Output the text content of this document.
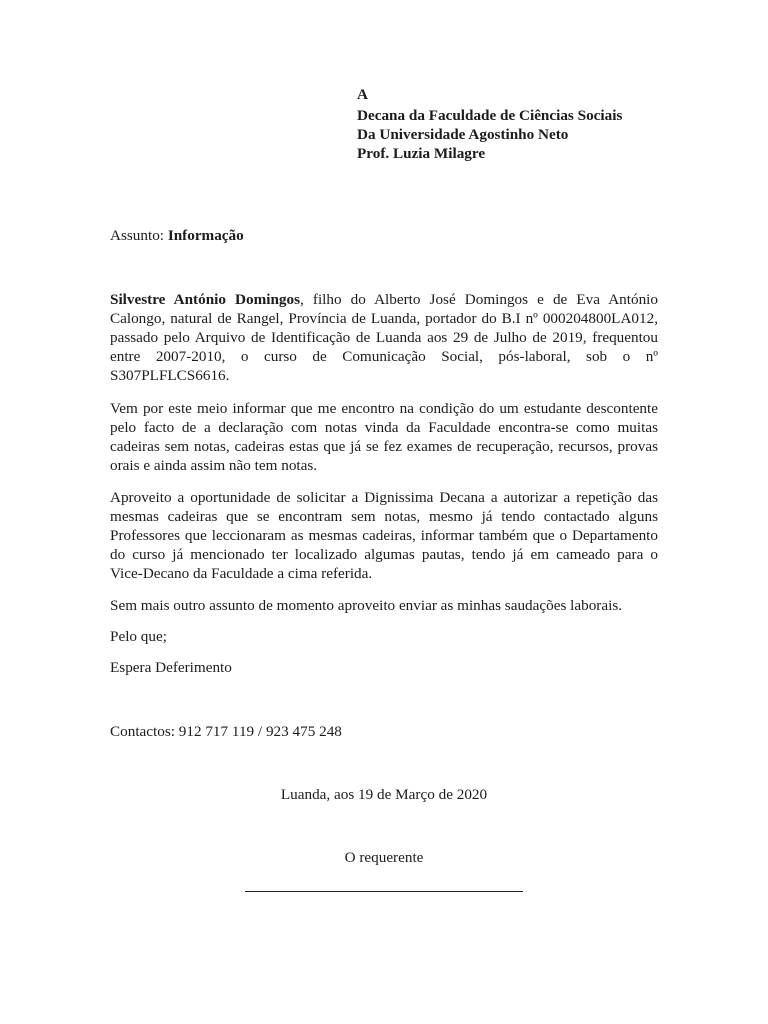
A
Decana da Faculdade de Ciências Sociais
Da Universidade Agostinho Neto
Prof. Luzia Milagre
Assunto: Informação
Silvestre António Domingos, filho do Alberto José Domingos e de Eva António
Calongo, natural de Rangel, Província de Luanda, portador do B.I nº 000204800LA012,
passado pelo Arquivo de Identificação de Luanda aos 29 de Julho de 2019, frequentou
entre 2007-2010, o curso de Comunicação Social, pós-laboral, sob o nº
S307PLFLCS6616.
Vem por este meio informar que me encontro na condição do um estudante descontente
pelo facto de a declaração com notas vinda da Faculdade encontra-se como muitas
cadeiras sem notas, cadeiras estas que já se fez exames de recuperação, recursos, provas
orais e ainda assim não tem notas.
Aproveito a oportunidade de solicitar a Dignissima Decana a autorizar a repetição das
mesmas cadeiras que se encontram sem notas, mesmo já tendo contactado alguns
Professores que leccionaram as mesmas cadeiras, informar também que o Departamento
do curso já mencionado ter localizado algumas pautas, tendo já em cameado para o
Vice-Decano da Faculdade a cima referida.
Sem mais outro assunto de momento aproveito enviar as minhas saudações laborais.
Pelo que;
Espera Deferimento
Contactos: 912 717 119 / 923 475 248
Luanda, aos 19 de Março de 2020
O requerente
